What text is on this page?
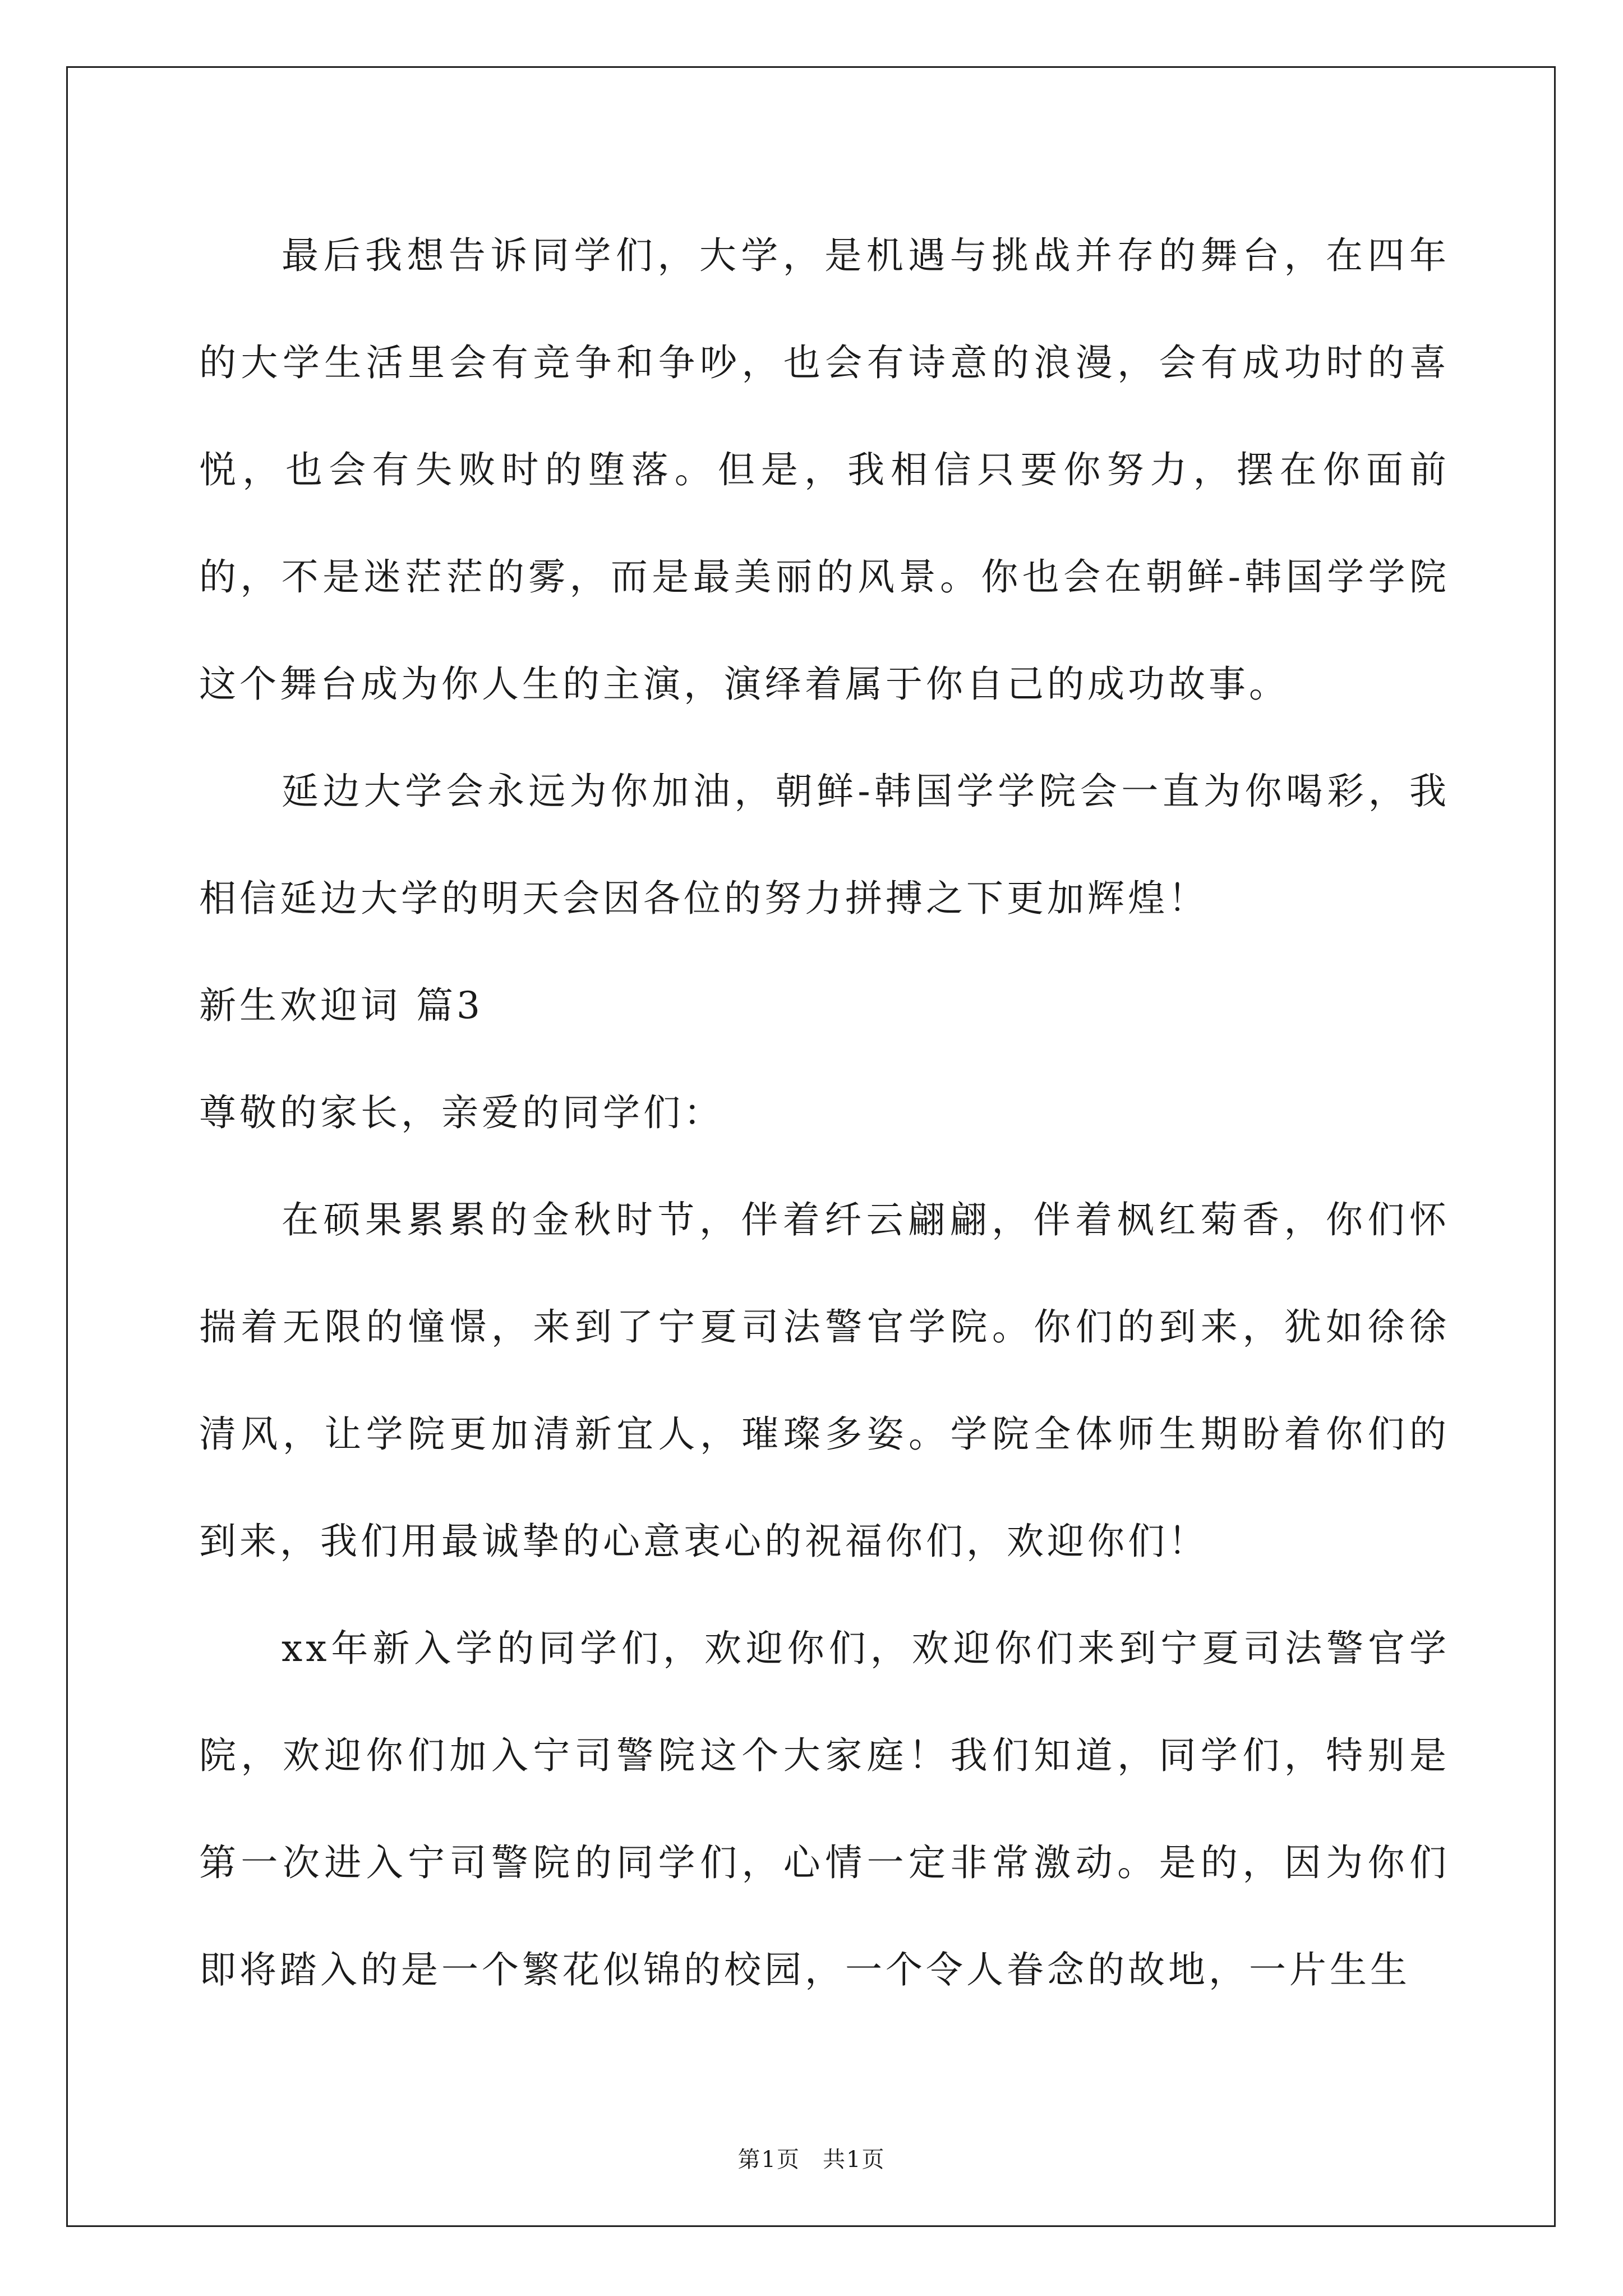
最后我想告诉同学们，大学，是机遇与挑战并存的舞台，在四年的大学生活里会有竞争和争吵，也会有诗意的浪漫，会有成功时的喜悦，也会有失败时的堕落。但是，我相信只要你努力，摆在你面前的，不是迷茫茫的雾，而是最美丽的风景。你也会在朝鲜-韩国学学院这个舞台成为你人生的主演，演绎着属于你自己的成功故事。

延边大学会永远为你加油，朝鲜-韩国学学院会一直为你喝彩，我相信延边大学的明天会因各位的努力拼搏之下更加辉煌！

新生欢迎词 篇3

尊敬的家长，亲爱的同学们：

在硕果累累的金秋时节，伴着纤云翩翩，伴着枫红菊香，你们怀揣着无限的憧憬，来到了宁夏司法警官学院。你们的到来，犹如徐徐清风，让学院更加清新宜人，璀璨多姿。学院全体师生期盼着你们的到来，我们用最诚挚的心意衷心的祝福你们，欢迎你们！

xx年新入学的同学们，欢迎你们，欢迎你们来到宁夏司法警官学院，欢迎你们加入宁司警院这个大家庭！我们知道，同学们，特别是第一次进入宁司警院的同学们，心情一定非常激动。是的，因为你们即将踏入的是一个繁花似锦的校园，一个令人眷念的故地，一片生生

第1页 共1页
